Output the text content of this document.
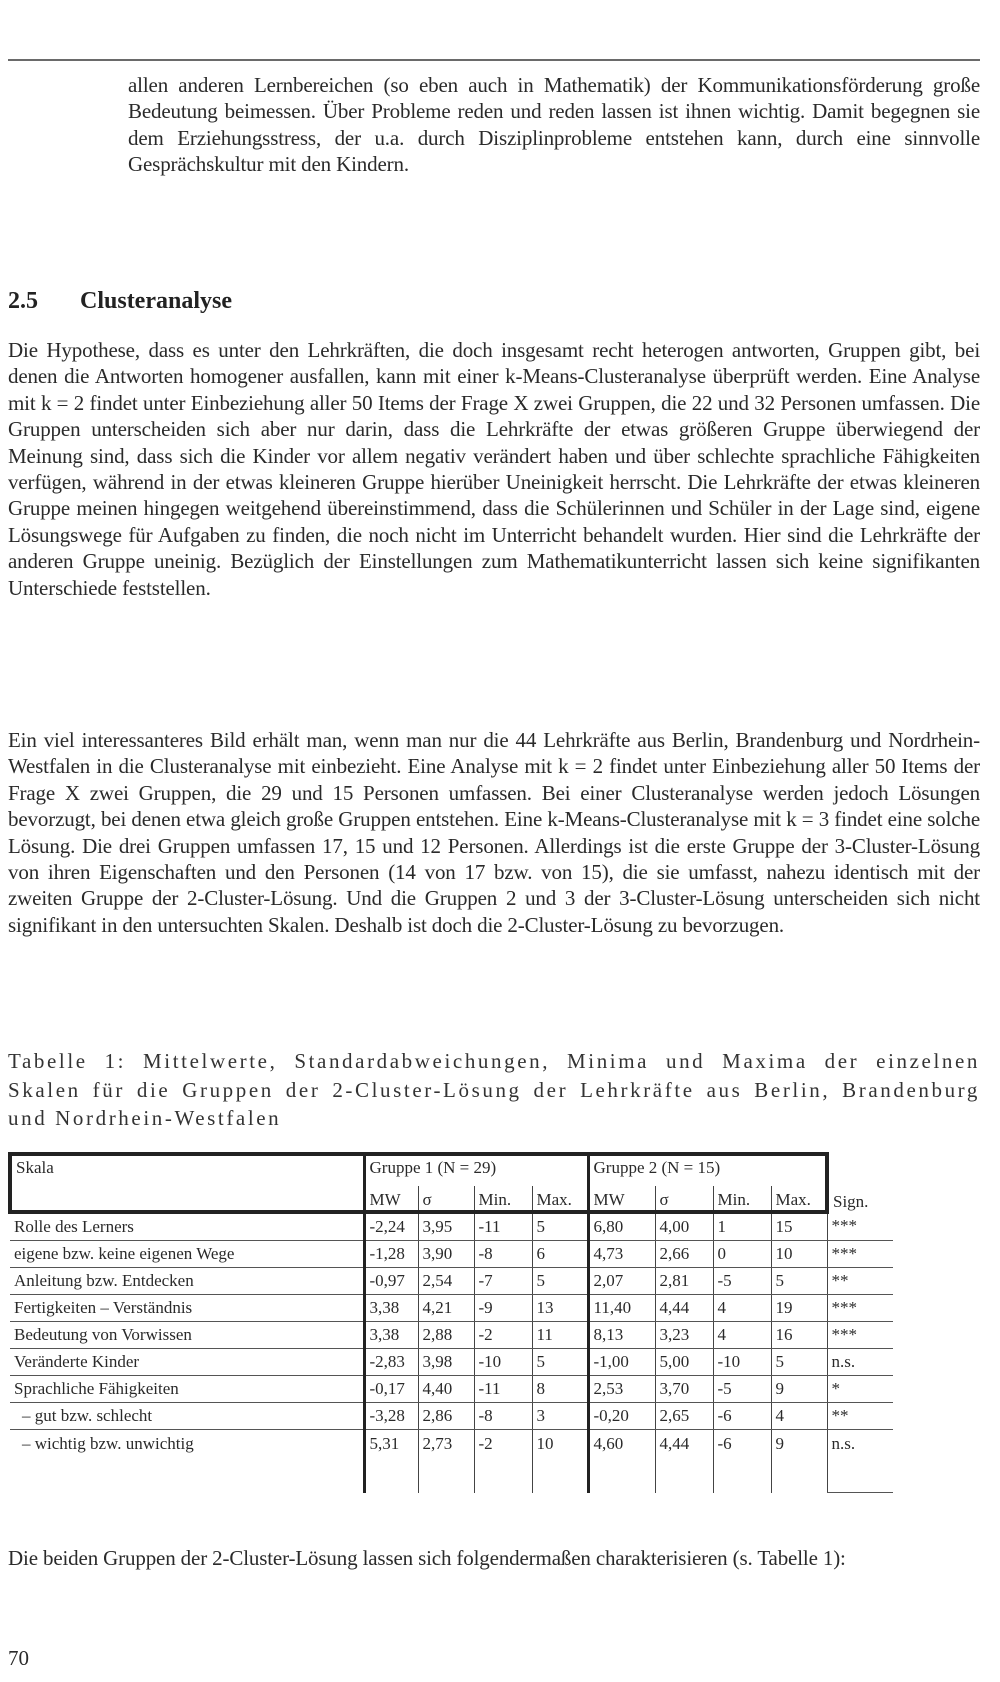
allen anderen Lernbereichen (so eben auch in Mathematik) der Kommunikationsförderung große Bedeutung beimessen. Über Probleme reden und reden lassen ist ihnen wichtig. Damit begegnen sie dem Erziehungsstress, der u.a. durch Disziplinprobleme entstehen kann, durch eine sinnvolle Gesprächskultur mit den Kindern.

2.5 Clusteranalyse

Die Hypothese, dass es unter den Lehrkräften, die doch insgesamt recht heterogen antworten, Gruppen gibt, bei denen die Antworten homogener ausfallen, kann mit einer k-Means-Clusteranalyse überprüft werden. Eine Analyse mit k = 2 findet unter Einbeziehung aller 50 Items der Frage X zwei Gruppen, die 22 und 32 Personen umfassen. Die Gruppen unterscheiden sich aber nur darin, dass die Lehrkräfte der etwas größeren Gruppe überwiegend der Meinung sind, dass sich die Kinder vor allem negativ verändert haben und über schlechte sprachliche Fähigkeiten verfügen, während in der etwas kleineren Gruppe hierüber Uneinigkeit herrscht. Die Lehrkräfte der etwas kleineren Gruppe meinen hingegen weitgehend übereinstimmend, dass die Schülerinnen und Schüler in der Lage sind, eigene Lösungswege für Aufgaben zu finden, die noch nicht im Unterricht behandelt wurden. Hier sind die Lehrkräfte der anderen Gruppe uneinig. Bezüglich der Einstellungen zum Mathematikunterricht lassen sich keine signifikanten Unterschiede feststellen.

Ein viel interessanteres Bild erhält man, wenn man nur die 44 Lehrkräfte aus Berlin, Brandenburg und Nordrhein-Westfalen in die Clusteranalyse mit einbezieht. Eine Analyse mit k = 2 findet unter Einbeziehung aller 50 Items der Frage X zwei Gruppen, die 29 und 15 Personen umfassen. Bei einer Clusteranalyse werden jedoch Lösungen bevorzugt, bei denen etwa gleich große Gruppen entstehen. Eine k-Means-Clusteranalyse mit k = 3 findet eine solche Lösung. Die drei Gruppen umfassen 17, 15 und 12 Personen. Allerdings ist die erste Gruppe der 3-Cluster-Lösung von ihren Eigenschaften und den Personen (14 von 17 bzw. von 15), die sie umfasst, nahezu identisch mit der zweiten Gruppe der 2-Cluster-Lösung. Und die Gruppen 2 und 3 der 3-Cluster-Lösung unterscheiden sich nicht signifikant in den untersuchten Skalen. Deshalb ist doch die 2-Cluster-Lösung zu bevorzugen.

Tabelle 1: Mittelwerte, Standardabweichungen, Minima und Maxima der einzelnen Skalen für die Gruppen der 2-Cluster-Lösung der Lehrkräfte aus Berlin, Brandenburg und Nordrhein-Westfalen

Skala	Gruppe 1 (N = 29)				Gruppe 2 (N = 15)				
	MW	σ	Min.	Max.	MW	σ	Min.	Max.	Sign.
Rolle des Lerners	-2,24	3,95	-11	5	6,80	4,00	1	15	***
eigene bzw. keine eigenen Wege	-1,28	3,90	-8	6	4,73	2,66	0	10	***
Anleitung bzw. Entdecken	-0,97	2,54	-7	5	2,07	2,81	-5	5	**
Fertigkeiten – Verständnis	3,38	4,21	-9	13	11,40	4,44	4	19	***
Bedeutung von Vorwissen	3,38	2,88	-2	11	8,13	3,23	4	16	***
Veränderte Kinder	-2,83	3,98	-10	5	-1,00	5,00	-10	5	n.s.
Sprachliche Fähigkeiten	-0,17	4,40	-11	8	2,53	3,70	-5	9	*
– gut bzw. schlecht	-3,28	2,86	-8	3	-0,20	2,65	-6	4	**
– wichtig bzw. unwichtig	5,31	2,73	-2	10	4,60	4,44	-6	9	n.s.

Die beiden Gruppen der 2-Cluster-Lösung lassen sich folgendermaßen charakterisieren (s. Tabelle 1):

70
